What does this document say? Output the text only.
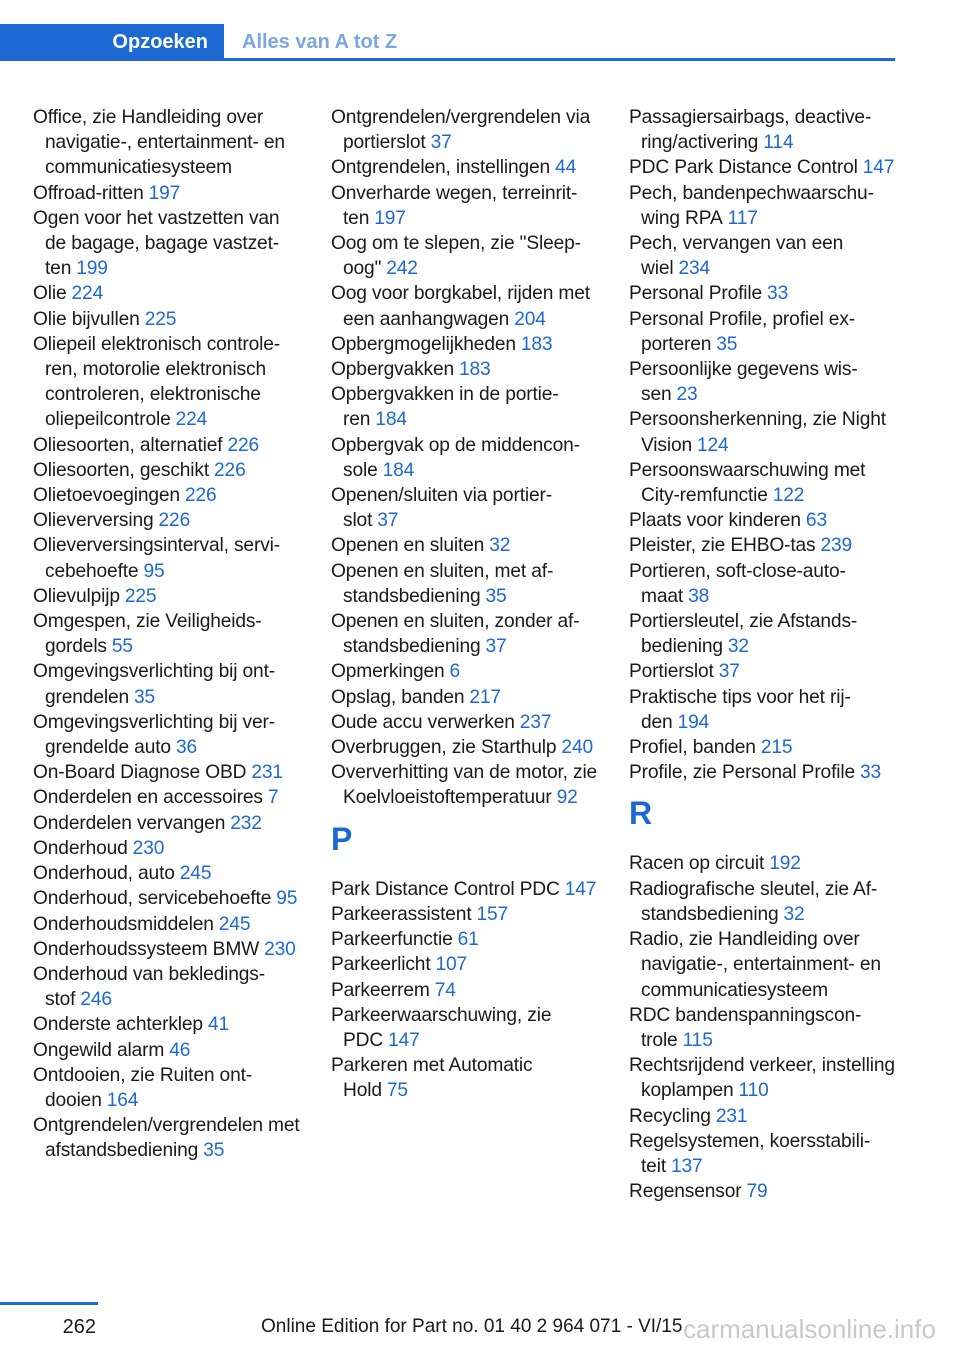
Opzoeken	Alles van A tot Z
Office, zie Handleiding over navigatie-, entertainment- en communicatiesysteem
Offroad-ritten 197
Ogen voor het vastzetten van de bagage, bagage vastzetten 199
Olie 224
Olie bijvullen 225
Oliepeil elektronisch controleren, motorolie elektronisch controleren, elektronische oliepeilcontrole 224
Oliesoorten, alternatief 226
Oliesoorten, geschikt 226
Olietoevoegingen 226
Olieverversing 226
Olieverversingsinterval, servicebehoefte 95
Olievulpijp 225
Omgespen, zie Veiligheidsgordels 55
Omgevingsverlichting bij ontgrendelen 35
Omgevingsverlichting bij vergrendelde auto 36
On-Board Diagnose OBD 231
Onderdelen en accessoires 7
Onderdelen vervangen 232
Onderhoud 230
Onderhoud, auto 245
Onderhoud, servicebehoefte 95
Onderhoudsmiddelen 245
Onderhoudssysteem BMW 230
Onderhoud van bekledingsstof 246
Onderste achterklep 41
Ongewild alarm 46
Ontdooien, zie Ruiten ontdooien 164
Ontgrendelen/vergrendelen met afstandsbediening 35
Ontgrendelen/vergrendelen via portierslot 37
Ontgrendelen, instellingen 44
Onverharde wegen, terreinritten 197
Oog om te slepen, zie "Sleepoog" 242
Oog voor borgkabel, rijden met een aanhangwagen 204
Opbergmogelijkheden 183
Opbergvakken 183
Opbergvakken in de portieren 184
Opbergvak op de middenconsole 184
Openen/sluiten via portierslot 37
Openen en sluiten 32
Openen en sluiten, met afstandsbediening 35
Openen en sluiten, zonder afstandsbediening 37
Opmerkingen 6
Opslag, banden 217
Oude accu verwerken 237
Overbruggen, zie Starthulp 240
Oververhitting van de motor, zie Koelvloeistoftemperatuur 92
P
Park Distance Control PDC 147
Parkeerassistent 157
Parkeerfunctie 61
Parkeerlicht 107
Parkeerrem 74
Parkeerwaarschuwing, zie PDC 147
Parkeren met Automatic Hold 75
Passagiersairbags, deactivering/activering 114
PDC Park Distance Control 147
Pech, bandenpechwaarschuwing RPA 117
Pech, vervangen van een wiel 234
Personal Profile 33
Personal Profile, profiel exporteren 35
Persoonlijke gegevens wissen 23
Persoonsherkenning, zie Night Vision 124
Persoonswaarschuwing met City-remfunctie 122
Plaats voor kinderen 63
Pleister, zie EHBO-tas 239
Portieren, soft-close-automaat 38
Portiersleutel, zie Afstandsbediening 32
Portierslot 37
Praktische tips voor het rijden 194
Profiel, banden 215
Profile, zie Personal Profile 33
R
Racen op circuit 192
Radiografische sleutel, zie Afstandsbediening 32
Radio, zie Handleiding over navigatie-, entertainment- en communicatiesysteem
RDC bandenspanningscontrole 115
Rechtsrijdend verkeer, instelling koplampen 110
Recycling 231
Regelsystemen, koersstabiliteit 137
Regensensor 79
262	Online Edition for Part no. 01 40 2 964 071 - VI/15 carmanualsonline.info
